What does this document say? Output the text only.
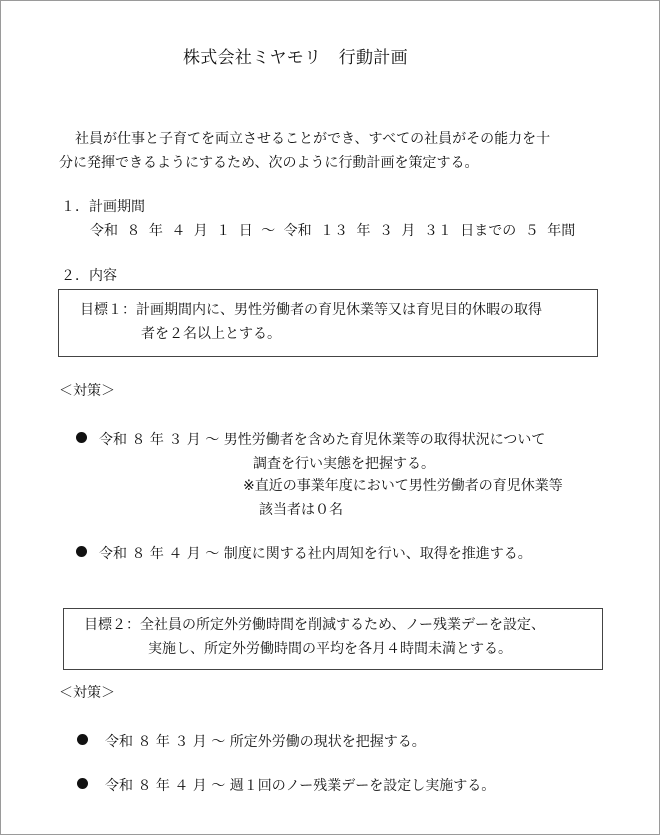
株式会社ミヤモリ　行動計画
社員が仕事と子育てを両立させることができ、すべての社員がその能力を十
分に発揮できるようにするため、次のように行動計画を策定する。
１．計画期間
令和 ８ 年 ４ 月 １ 日 〜 令和 １３ 年 ３ 月 ３１ 日までの ５ 年間
２．内容
目標１：計画期間内に、男性労働者の育児休業等又は育児目的休暇の取得
者を２名以上とする。
＜対策＞
令和 ８ 年 ３ 月 〜 男性労働者を含めた育児休業等の取得状況について
調査を行い実態を把握する。
※直近の事業年度において男性労働者の育児休業等
該当者は０名
令和 ８ 年 ４ 月 〜 制度に関する社内周知を行い、取得を推進する。
目標２：全社員の所定外労働時間を削減するため、ノー残業デーを設定、
実施し、所定外労働時間の平均を各月４時間未満とする。
＜対策＞
令和 ８ 年 ３ 月 〜 所定外労働の現状を把握する。
令和 ８ 年 ４ 月 〜 週１回のノー残業デーを設定し実施する。
